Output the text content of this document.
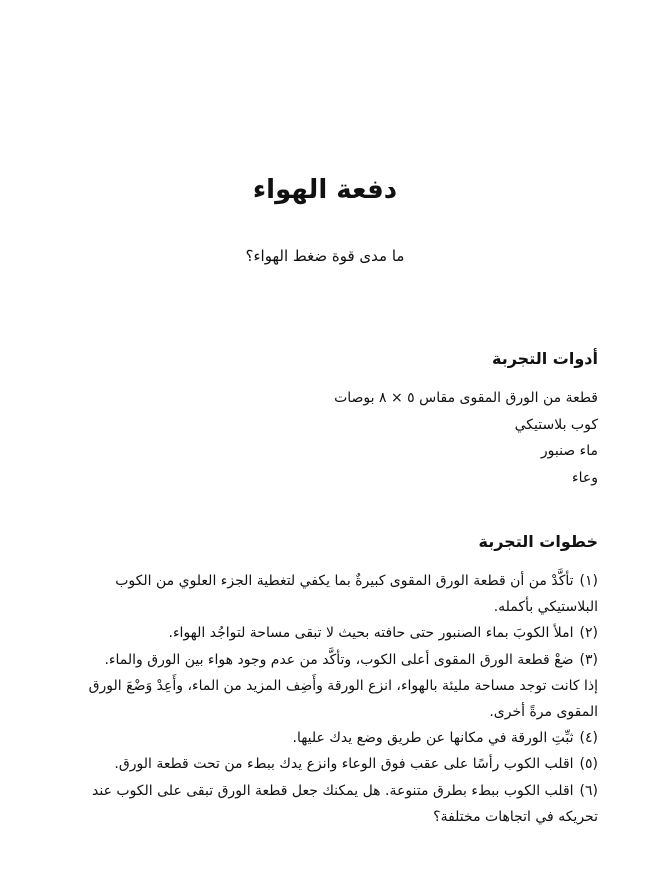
دفعة الهواء

ما مدى قوة ضغط الهواء؟

أدوات التجربة
قطعة من الورق المقوى مقاس ٥ × ٨ بوصات
كوب بلاستيكي
ماء صنبور
وعاء
خطوات التجربة

(١)تأكَّدْ من أن قطعة الورق المقوى كبيرةٌ بما يكفي لتغطية الجزء العلوي من الكوب البلاستيكي بأكمله.

(٢)املأ الكوبَ بماء الصنبور حتى حافته بحيث لا تبقى مساحة لتواجُد الهواء.

(٣)ضعْ قطعة الورق المقوى أعلى الكوب، وتأكَّد من عدم وجود هواء بين الورق والماء.

إذا كانت توجد مساحة مليئة بالهواء، انزع الورقة وأَضِف المزيد من الماء، وأَعِدْ وَضْعَ الورق المقوى مرةً أخرى.

(٤)ثبِّتِ الورقة في مكانها عن طريق وضع يدك عليها.

(٥)اقلب الكوب رأسًا على عقب فوق الوعاء وانزع يدك ببطء من تحت قطعة الورق.

(٦)اقلب الكوب ببطء بطرق متنوعة. هل يمكنك جعل قطعة الورق تبقى على الكوب عند تحريكه في اتجاهات مختلفة؟
